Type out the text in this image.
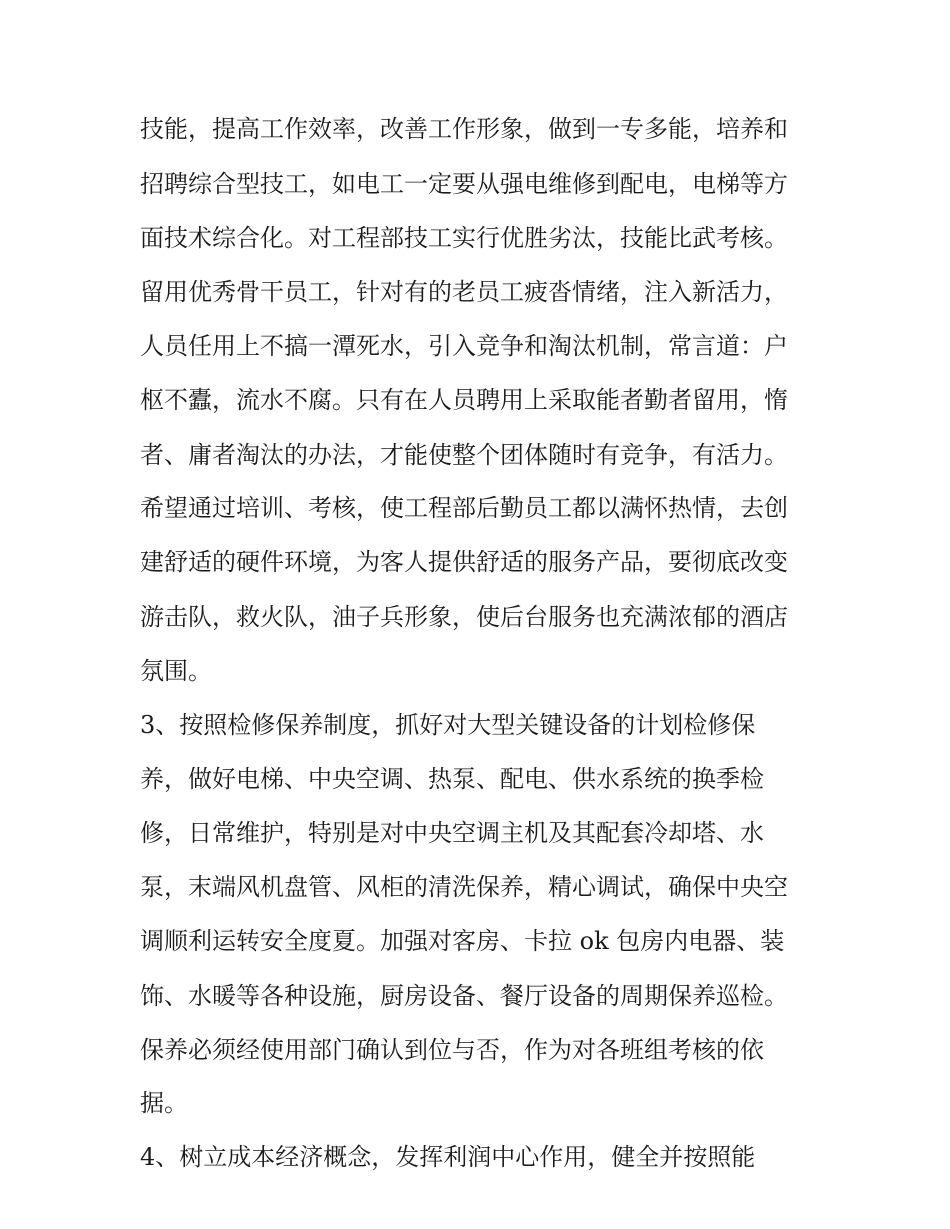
技能，提高工作效率，改善工作形象，做到一专多能，培养和
招聘综合型技工，如电工一定要从强电维修到配电，电梯等方
面技术综合化。对工程部技工实行优胜劣汰，技能比武考核。
留用优秀骨干员工，针对有的老员工疲沓情绪，注入新活力，
人员任用上不搞一潭死水，引入竞争和淘汰机制，常言道：户
枢不蠹，流水不腐。只有在人员聘用上采取能者勤者留用，惰
者、庸者淘汰的办法，才能使整个团体随时有竞争，有活力。
希望通过培训、考核，使工程部后勤员工都以满怀热情，去创
建舒适的硬件环境，为客人提供舒适的服务产品，要彻底改变
游击队，救火队，油子兵形象，使后台服务也充满浓郁的酒店
氛围。
3、按照检修保养制度，抓好对大型关键设备的计划检修保
养，做好电梯、中央空调、热泵、配电、供水系统的换季检
修，日常维护，特别是对中央空调主机及其配套冷却塔、水
泵，末端风机盘管、风柜的清洗保养，精心调试，确保中央空
调顺利运转安全度夏。加强对客房、卡拉 ok 包房内电器、装
饰、水暖等各种设施，厨房设备、餐厅设备的周期保养巡检。
保养必须经使用部门确认到位与否，作为对各班组考核的依
据。
4、树立成本经济概念，发挥利润中心作用，健全并按照能
